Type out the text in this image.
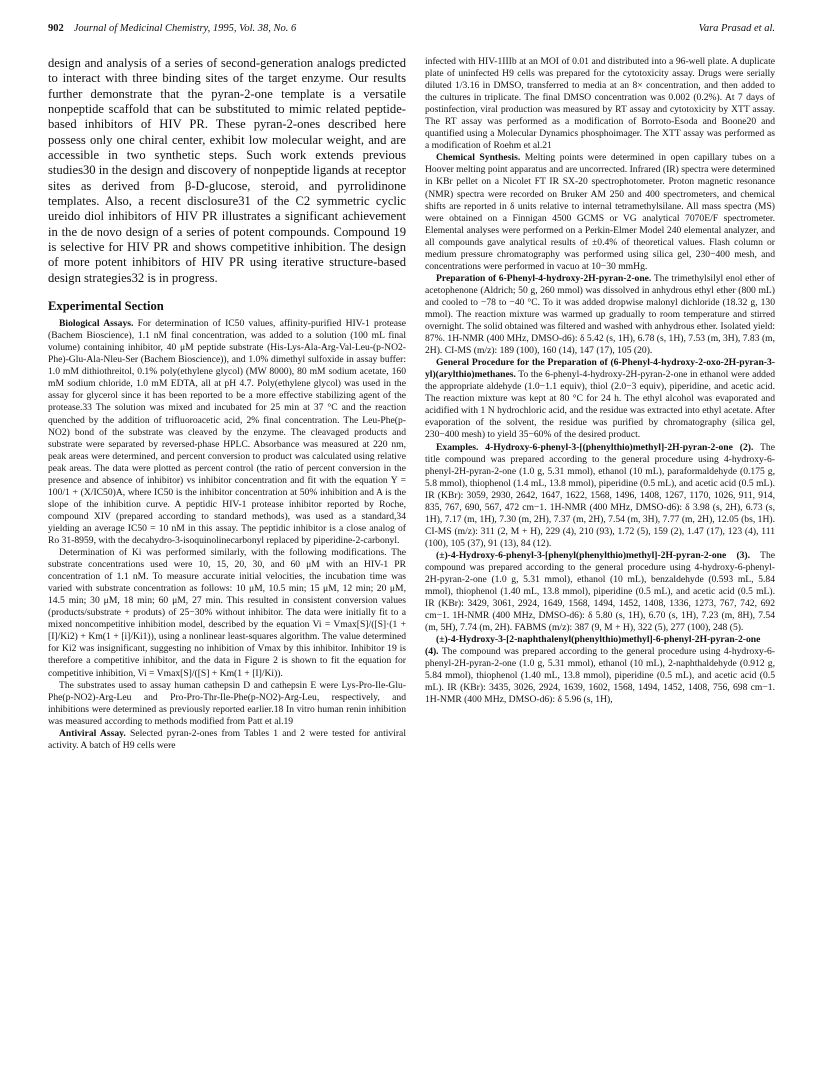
902 Journal of Medicinal Chemistry, 1995, Vol. 38, No. 6	Vara Prasad et al.

design and analysis of a series of second-generation analogs predicted to interact with three binding sites of the target enzyme. Our results further demonstrate that the pyran-2-one template is a versatile nonpeptide scaffold that can be substituted to mimic related peptide-based inhibitors of HIV PR. These pyran-2-ones described here possess only one chiral center, exhibit low molecular weight, and are accessible in two synthetic steps. Such work extends previous studies30 in the design and discovery of nonpeptide ligands at receptor sites as derived from β-D-glucose, steroid, and pyrrolidinone templates. Also, a recent disclosure31 of the C2 symmetric cyclic ureido diol inhibitors of HIV PR illustrates a significant achievement in the de novo design of a series of potent compounds. Compound 19 is selective for HIV PR and shows competitive inhibition. The design of more potent inhibitors of HIV PR using iterative structure-based design strategies32 is in progress.

Experimental Section

Biological Assays. For determination of IC50 values, affinity-purified HIV-1 protease (Bachem Bioscience), 1.1 nM final concentration, was added to a solution (100 mL final volume) containing inhibitor, 40 μM peptide substrate (His-Lys-Ala-Arg-Val-Leu-(p-NO2-Phe)-Glu-Ala-Nleu-Ser (Bachem Bioscience)), and 1.0% dimethyl sulfoxide in assay buffer: 1.0 mM dithiothreitol, 0.1% poly(ethylene glycol) (MW 8000), 80 mM sodium acetate, 160 mM sodium chloride, 1.0 mM EDTA, all at pH 4.7. Poly(ethylene glycol) was used in the assay for glycerol since it has been reported to be a more effective stabilizing agent of the protease.33 The solution was mixed and incubated for 25 min at 37 °C and the reaction quenched by the addition of trifluoroacetic acid, 2% final concentration. The Leu-Phe(p-NO2) bond of the substrate was cleaved by the enzyme. The cleavaged products and substrate were separated by reversed-phase HPLC. Absorbance was measured at 220 nm, peak areas were determined, and percent conversion to product was calculated using relative peak areas. The data were plotted as percent control (the ratio of percent conversion in the presence and absence of inhibitor) vs inhibitor concentration and fit with the equation Y = 100/1 + (X/IC50)A, where IC50 is the inhibitor concentration at 50% inhibition and A is the slope of the inhibition curve. A peptidic HIV-1 protease inhibitor reported by Roche, compound XIV (prepared according to standard methods), was used as a standard,34 yielding an average IC50 = 10 nM in this assay. The peptidic inhibitor is a close analog of Ro 31-8959, with the decahydro-3-isoquinolinecarbonyl replaced by piperidine-2-carbonyl.

Determination of Ki was performed similarly, with the following modifications. The substrate concentrations used were 10, 15, 20, 30, and 60 μM with an HIV-1 PR concentration of 1.1 nM. To measure accurate initial velocities, the incubation time was varied with substrate concentration as follows: 10 μM, 10.5 min; 15 μM, 12 min; 20 μM, 14.5 min; 30 μM, 18 min; 60 μM, 27 min. This resulted in consistent conversion values (products/substrate + produts) of 25−30% without inhibitor. The data were initially fit to a mixed noncompetitive inhibition model, described by the equation Vi = Vmax[S]/([S]·(1 + [I]/Ki2) + Km(1 + [i]/Ki1)), using a nonlinear least-squares algorithm. The value determined for Ki2 was insignificant, suggesting no inhibition of Vmax by this inhibitor. Inhibitor 19 is therefore a competitive inhibitor, and the data in Figure 2 is shown to fit the equation for competitive inhibition, Vi = Vmax[S]/([S] + Km(1 + [I]/Ki)).

The substrates used to assay human cathepsin D and cathepsin E were Lys-Pro-Ile-Glu-Phe(p-NO2)-Arg-Leu and Pro-Pro-Thr-Ile-Phe(p-NO2)-Arg-Leu, respectively, and inhibitions were determined as previously reported earlier.18 In vitro human renin inhibition was measured according to methods modified from Patt et al.19

Antiviral Assay. Selected pyran-2-ones from Tables 1 and 2 were tested for antiviral activity. A batch of H9 cells were

infected with HIV-1IIIb at an MOI of 0.01 and distributed into a 96-well plate. A duplicate plate of uninfected H9 cells was prepared for the cytotoxicity assay. Drugs were serially diluted 1/3.16 in DMSO, transferred to media at an 8× concentration, and then added to the cultures in triplicate. The final DMSO concentration was 0.002 (0.2%). At 7 days of postinfection, viral production was measured by RT assay and cytotoxicity by XTT assay. The RT assay was performed as a modification of Borroto-Esoda and Boone20 and quantified using a Molecular Dynamics phosphoimager. The XTT assay was performed as a modification of Roehm et al.21

Chemical Synthesis. Melting points were determined in open capillary tubes on a Hoover melting point apparatus and are uncorrected. Infrared (IR) spectra were determined in KBr pellet on a Nicolet FT IR SX-20 spectrophotometer. Proton magnetic resonance (NMR) spectra were recorded on Bruker AM 250 and 400 spectrometers, and chemical shifts are reported in δ units relative to internal tetramethylsilane. All mass spectra (MS) were obtained on a Finnigan 4500 GCMS or VG analytical 7070E/F spectrometer. Elemental analyses were performed on a Perkin-Elmer Model 240 elemental analyzer, and all compounds gave analytical results of ±0.4% of theoretical values. Flash column or medium pressure chromatography was performed using silica gel, 230−400 mesh, and concentrations were performed in vacuo at 10−30 mmHg.

Preparation of 6-Phenyl-4-hydroxy-2H-pyran-2-one. The trimethylsilyl enol ether of acetophenone (Aldrich; 50 g, 260 mmol) was dissolved in anhydrous ethyl ether (800 mL) and cooled to −78 to −40 °C. To it was added dropwise malonyl dichloride (18.32 g, 130 mmol). The reaction mixture was warmed up gradually to room temperature and stirred overnight. The solid obtained was filtered and washed with anhydrous ether. Isolated yield: 87%. 1H-NMR (400 MHz, DMSO-d6): δ 5.42 (s, 1H), 6.78 (s, 1H), 7.53 (m, 3H), 7.83 (m, 2H). CI-MS (m/z): 189 (100), 160 (14), 147 (17), 105 (20).

General Procedure for the Preparation of (6-Phenyl-4-hydroxy-2-oxo-2H-pyran-3-yl)(arylthio)methanes. To the 6-phenyl-4-hydroxy-2H-pyran-2-one in ethanol were added the appropriate aldehyde (1.0−1.1 equiv), thiol (2.0−3 equiv), piperidine, and acetic acid. The reaction mixture was kept at 80 °C for 24 h. The ethyl alcohol was evaporated and acidified with 1 N hydrochloric acid, and the residue was extracted into ethyl acetate. After evaporation of the solvent, the residue was purified by chromatography (silica gel, 230−400 mesh) to yield 35−60% of the desired product.

Examples. 4-Hydroxy-6-phenyl-3-[(phenylthio)methyl]-2H-pyran-2-one (2). The title compound was prepared according to the general procedure using 4-hydroxy-6-phenyl-2H-pyran-2-one (1.0 g, 5.31 mmol), ethanol (10 mL), paraformaldehyde (0.175 g, 5.8 mmol), thiophenol (1.4 mL, 13.8 mmol), piperidine (0.5 mL), and acetic acid (0.5 mL). IR (KBr): 3059, 2930, 2642, 1647, 1622, 1568, 1496, 1408, 1267, 1170, 1026, 911, 914, 835, 767, 690, 567, 472 cm−1. 1H-NMR (400 MHz, DMSO-d6): δ 3.98 (s, 2H), 6.73 (s, 1H), 7.17 (m, 1H), 7.30 (m, 2H), 7.37 (m, 2H), 7.54 (m, 3H), 7.77 (m, 2H), 12.05 (bs, 1H). CI-MS (m/z): 311 (2, M + H), 229 (4), 210 (93), 1.72 (5), 159 (2), 1.47 (17), 123 (4), 111 (100), 105 (37), 91 (13), 84 (12).

(±)-4-Hydroxy-6-phenyl-3-[phenyl(phenylthio)methyl]-2H-pyran-2-one (3). The compound was prepared according to the general procedure using 4-hydroxy-6-phenyl-2H-pyran-2-one (1.0 g, 5.31 mmol), ethanol (10 mL), benzaldehyde (0.593 mL, 5.84 mmol), thiophenol (1.40 mL, 13.8 mmol), piperidine (0.5 mL), and acetic acid (0.5 mL). IR (KBr): 3429, 3061, 2924, 1649, 1568, 1494, 1452, 1408, 1336, 1273, 767, 742, 692 cm−1. 1H-NMR (400 MHz, DMSO-d6): δ 5.80 (s, 1H), 6.70 (s, 1H), 7.23 (m, 8H), 7.54 (m, 5H), 7.74 (m, 2H). FABMS (m/z): 387 (9, M + H), 322 (5), 277 (100), 248 (5).

(±)-4-Hydroxy-3-[2-naphthalenyl(phenylthio)methyl]-6-phenyl-2H-pyran-2-one (4). The compound was prepared according to the general procedure using 4-hydroxy-6-phenyl-2H-pyran-2-one (1.0 g, 5.31 mmol), ethanol (10 mL), 2-naphthaldehyde (0.912 g, 5.84 mmol), thiophenol (1.40 mL, 13.8 mmol), piperidine (0.5 mL), and acetic acid (0.5 mL). IR (KBr): 3435, 3026, 2924, 1639, 1602, 1568, 1494, 1452, 1408, 756, 698 cm−1. 1H-NMR (400 MHz, DMSO-d6): δ 5.96 (s, 1H),
